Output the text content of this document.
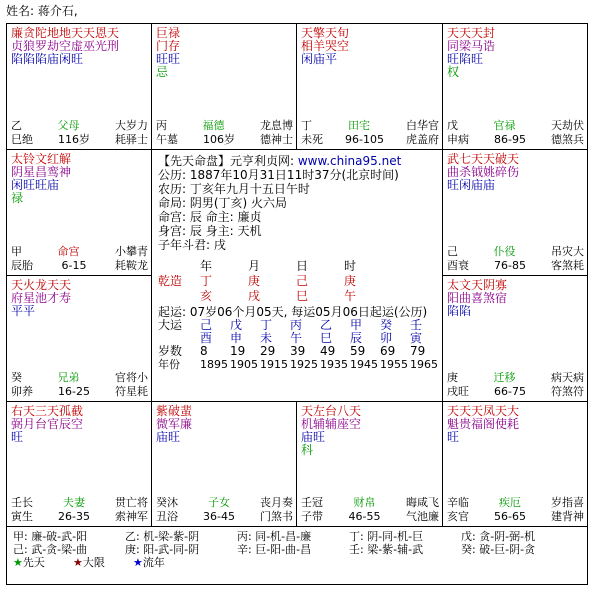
姓名: 蒋介石,
廉贪陀地地天天恩天
贞狼罗劫空虚巫光刑
陷陷陷庙闲旺
乙	父母	大岁力
巳绝 116岁 耗驿士
巨禄
门存
旺旺
忌
丙	福德	龙息博
午墓 106岁 德神士
天擎天旬
相羊哭空
闲庙平
丁	田宅	白华官
未死 96-105 虎盖府
天天天封
同梁马诰
旺陷旺
权
戊	官禄	天劫伏
申病 86-95 德煞兵
太铃文红解
阴星昌鸾神
闲旺旺庙
禄
甲	命宫	小攀青
辰胎	6-15	耗鞍龙
武七天天破天
曲杀钺姚碎伤
旺闲庙庙
己	仆役	吊灾大
酉衰 76-85 客煞耗
天火龙天天
府星池才寿
平平
癸	兄弟	官将小
卯养 16-25 符星耗
太文天阴寡
阳曲喜煞宿
陷陷
庚	迁移	病天病
戌旺 66-75 符煞符
右天三天孤截
弼月台官辰空
旺
壬长	夫妻	贯亡将
寅生 26-35 索神军
紫破蜚
微军廉
庙旺
癸沐	子女	丧月奏
丑浴 36-45 门煞书
天左台八天
机辅辅座空
庙旺
科
壬冠	财帛	晦咸飞
子带 46-55 气池廉
天天天凤天大
魁贵福阁使耗
旺
辛临	疾厄	岁指喜
亥官 56-65 建背神
【先天命盘】元亨利贞网: www.china95.net
公历: 1887年10月31日11时37分(北京时间)
农历: 丁亥年九月十五日午时
命局: 阴男(丁亥) 火六局
命宫: 辰 命主: 廉贞
身宫: 辰 身主: 天机
子年斗君: 戌
年	月	日	时
乾造	丁	庚	己	庚
亥	戌	巳	午
起运: 07岁06个月05天, 每运05月06日起运(公历)
大运	己	戊	丁	丙	乙	甲	癸	壬
酉	申	未	午	巳	辰	卯	寅
岁数	8	19	29	39	49	59	69	79
年份	1895 1905 1915 1925 1935 1945 1955 1965
甲: 廉-破-武-阳	乙: 机-梁-紫-阴	丙: 同-机-昌-廉	丁: 阴-同-机-巨	戊: 贪-阴-弼-机
己: 武-贪-梁-曲	庚: 阳-武-同-阴	辛: 巨-阳-曲-昌	壬: 梁-紫-辅-武	癸: 破-巨-阴-贪
★先天	★大限	★流年
